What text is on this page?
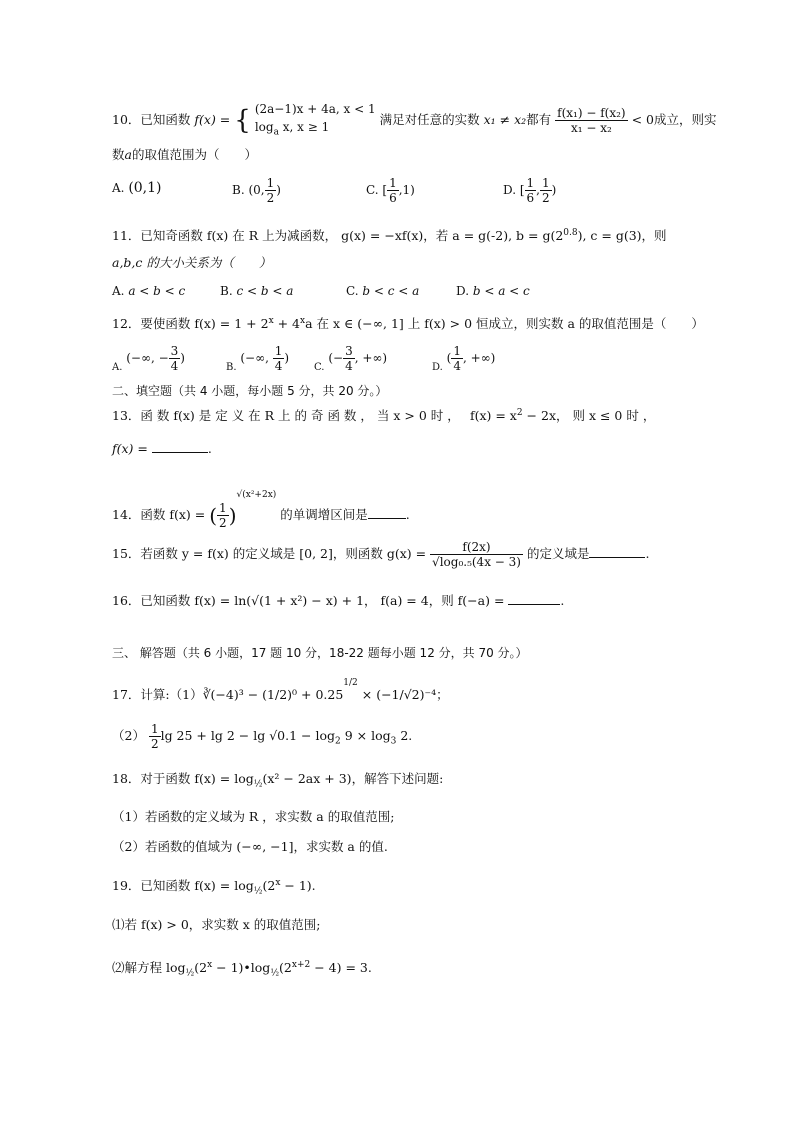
10．已知函数 f(x) = { (2a−1)x + 4a, x < 1
$\log_a x$, x ≥ 1	满足对任意的实数 x₁ ≠ x₂都有 $\frac{\text{f(x₁) − f(x₂)}}{\text{x₁ − x₂}} < 0$成立，则实
数a的取值范围为（　　）
A. (0,1)	B. (0, $\frac{1}{2}$ )	C. [ $\frac{1}{6} ,1$)	D. [ $\frac{1}{6}$ , $\frac{1}{2}$ )
11．已知奇函数 f(x) 在 R 上为减函数， g(x) = −xf(x)，若 a = g(-2), $b = g(2^{0.8})$, c = g(3)，则
a,b,c 的大小关系为（　　）
A. a < b < c	B. c < b < a	C. b < c < a	D. b < a < c
12．要使函数 $f(x) = 1 + 2^x + 4^xa$ 在 x ∈ (−∞, 1] 上 f(x) > 0 恒成立，则实数 a 的取值范围是（　　）
A. (−∞, − $\frac{3}{4}$ )
B. (−∞, $\frac{1}{4}$ )
C. (− $\frac{3}{4}$ , +∞)
D. ( $\frac{1}{4}$ , +∞)
二、填空题（共 4 小题，每小题 5 分，共 20 分。）
13．函 数 f(x) 是 定 义 在 R 上 的 奇 函 数 ， 当 x > 0 时 ，　 $f(x) = x^2 - 2x$， 则 x ≤ 0 时 ，
f(x) =	.
14．函数 f(x) = ( $\frac{1}{2} )^{√(x^2+2x)}$ 的单调增区间是	.
15．若函数 y = f(x) 的定义域是 [0, 2]，则函数 $g(x) = \frac{f(2x)}{\text{√log₀.₅(4x − 3)}}$ 的定义域是	.
16．已知函数 f(x) = ln(√(1 + x²) − x) + 1， f(a) = 4，则 f(−a) =	.
三、 解答题（共 6 小题，17 题 10 分，18-22 题每小题 12 分，共 70 分。）
17．计算:（1）∛(−4)³ − $(1/2)^0 + 0.25^{1/2} \times (-1/√2)^{-4}$；
$(2) \frac{1}{2}$ $\lg 25 + \lg 2 - \lg √0.1 - \log_2 9 \times \log_3 2$.
18．对于函数 $f(x) = \log_{\frac{1}{2}}(x^2 - 2ax + 3)$，解答下述问题:
（1）若函数的定义域为 R ，求实数 a 的取值范围;
（2）若函数的值域为 (−∞, −1]，求实数 a 的值.
19．已知函数 $f(x) = \log_{\frac{1}{2}}(2^x - 1)$.
⑴若 f(x) > 0，求实数 x 的取值范围;
⑵解方程 $\log_{\frac{1}{2}}(2^x$ − $1)•\log_{\frac{1}{2}}(2^{x+2} - 4) = 3$.
